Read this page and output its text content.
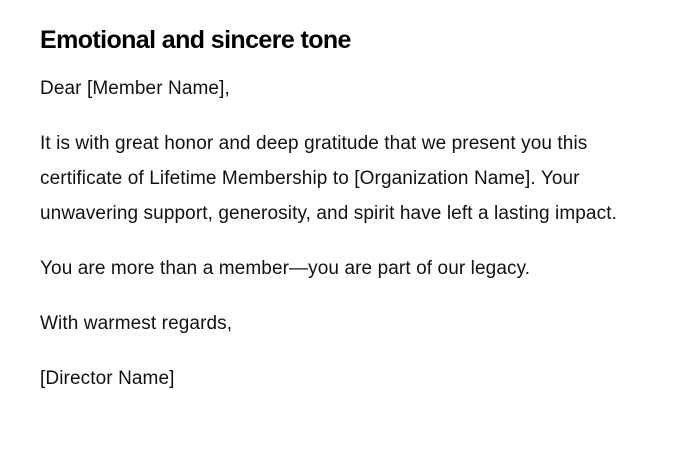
Emotional and sincere tone

Dear [Member Name],

It is with great honor and deep gratitude that we present you this certificate of Lifetime Membership to [Organization Name]. Your unwavering support, generosity, and spirit have left a lasting impact.

You are more than a member—you are part of our legacy.

With warmest regards,

[Director Name]
